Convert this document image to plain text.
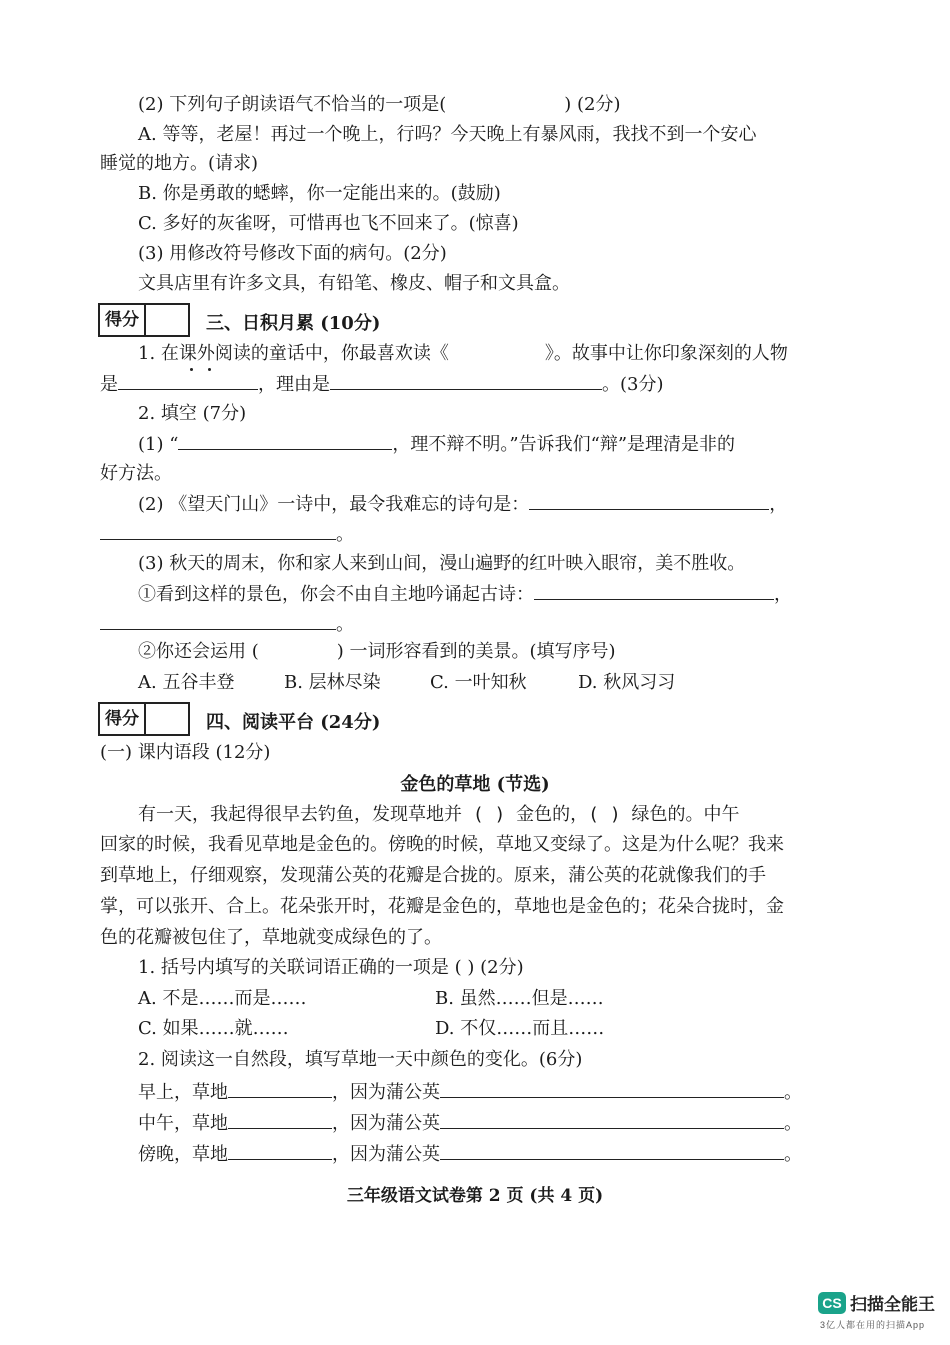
(2) 下列句子朗读语气不恰当的一项是(	) (2分)
A. 等等，老屋！再过一个晚上，行吗？今天晚上有暴风雨，我找不到一个安心
睡觉的地方。(请求)
B. 你是勇敢的蟋蟀，你一定能出来的。(鼓励)
C. 多好的灰雀呀，可惜再也飞不回来了。(惊喜)
(3) 用修改符号修改下面的病句。(2分)
文具店里有许多文具，有铅笔、橡皮、帽子和文具盒。
得分	三、日积月累 (10分)
1. 在课外阅读的童话中，你最喜欢读《	》。故事中让你印象深刻的人物
是	，理由是	。(3分)
2. 填空 (7分)
(1) “	，理不辩不明。”告诉我们“辩”是理清是非的
好方法。
(2) 《望天门山》一诗中，最令我难忘的诗句是：	，
。
(3) 秋天的周末，你和家人来到山间，漫山遍野的红叶映入眼帘，美不胜收。
①看到这样的景色，你会不由自主地吟诵起古诗：	，
。
②你还会运用 (	) 一词形容看到的美景。(填写序号)
A. 五谷丰登	B. 层林尽染	C. 一叶知秋	D. 秋风习习
得分	四、阅读平台 (24分)
(一) 课内语段 (12分)
金色的草地 (节选)
有一天，我起得很早去钓鱼，发现草地并 ( ) 金色的，( ) 绿色的。中午
回家的时候，我看见草地是金色的。傍晚的时候，草地又变绿了。这是为什么呢？我来
到草地上，仔细观察，发现蒲公英的花瓣是合拢的。原来，蒲公英的花就像我们的手
掌，可以张开、合上。花朵张开时，花瓣是金色的，草地也是金色的；花朵合拢时，金
色的花瓣被包住了，草地就变成绿色的了。
1. 括号内填写的关联词语正确的一项是 ( ) (2分)
A. 不是……而是……	B. 虽然……但是……
C. 如果……就……	D. 不仅……而且……
2. 阅读这一自然段，填写草地一天中颜色的变化。(6分)
早上，草地	，因为蒲公英	。
中午，草地	，因为蒲公英	。
傍晚，草地	，因为蒲公英	。
三年级语文试卷第 2 页 (共 4 页)
CS 扫描全能王
3亿人都在用的扫描App
